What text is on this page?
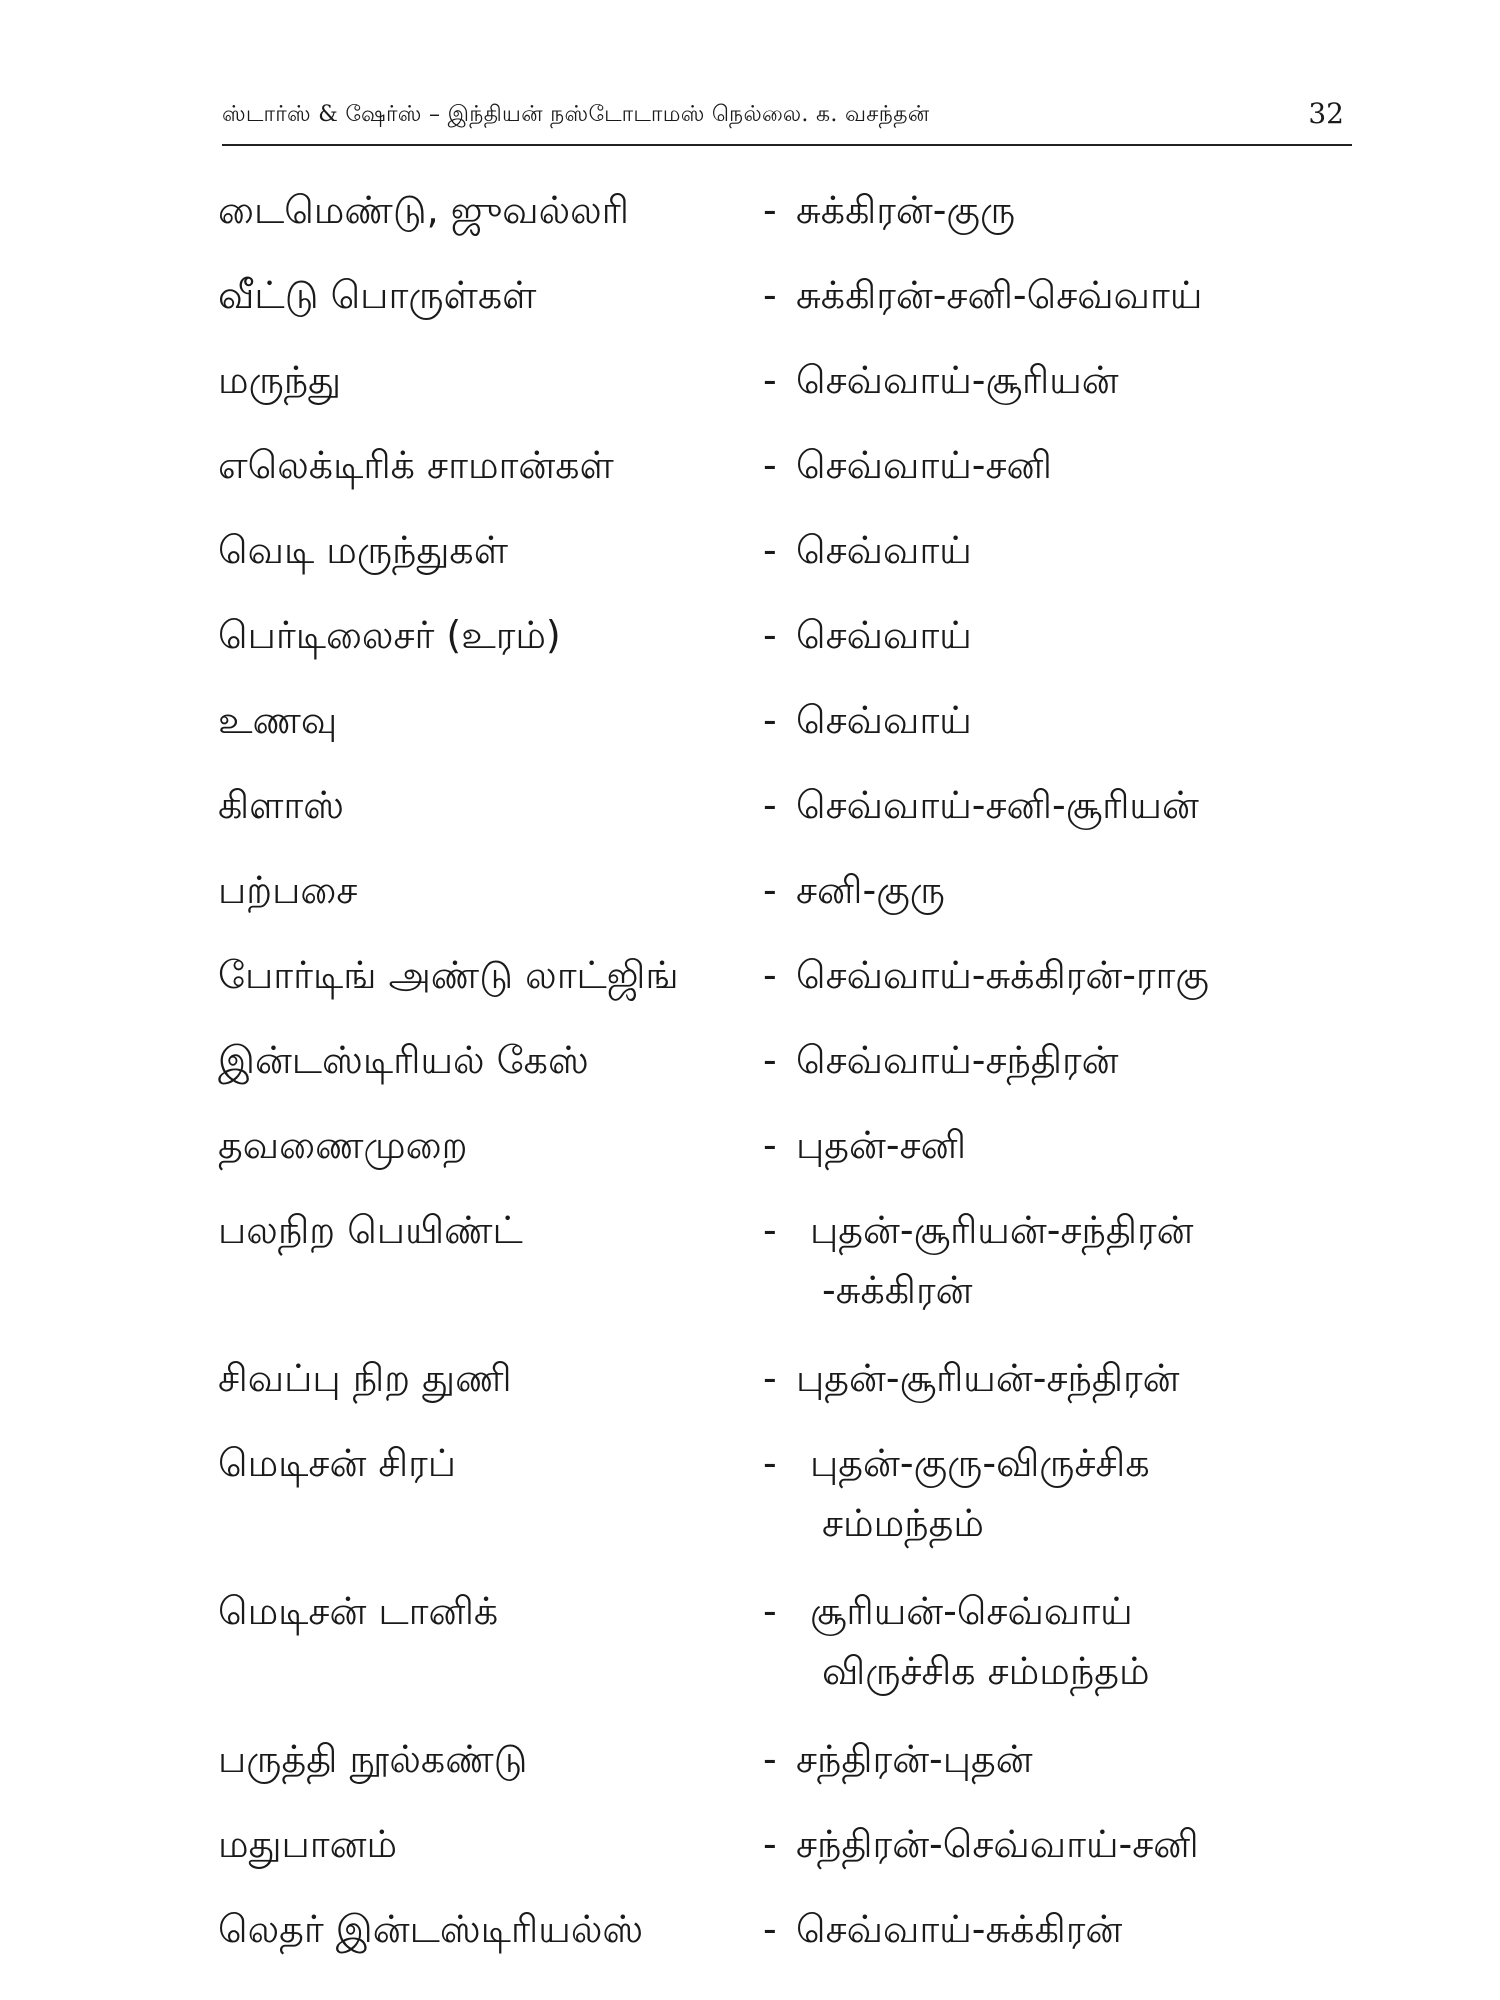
ஸ்டார்ஸ் & ஷேர்ஸ் – இந்தியன் நஸ்டோடாமஸ் நெல்லை. க. வசந்தன்	32
டைமெண்டு, ஜுவல்லரி	- சுக்கிரன்-குரு
வீட்டு பொருள்கள்	- சுக்கிரன்-சனி-செவ்வாய்
மருந்து	- செவ்வாய்-சூரியன்
எலெக்டிரிக் சாமான்கள்	- செவ்வாய்-சனி
வெடி மருந்துகள்	- செவ்வாய்
பெர்டிலைசர் (உரம்)	- செவ்வாய்
உணவு	- செவ்வாய்
கிளாஸ்	- செவ்வாய்-சனி-சூரியன்
பற்பசை	- சனி-குரு
போர்டிங் அண்டு லாட்ஜிங் - செவ்வாய்-சுக்கிரன்-ராகு
இன்டஸ்டிரியல் கேஸ்	- செவ்வாய்-சந்திரன்
தவணைமுறை	- புதன்-சனி
பலநிற பெயிண்ட்	- புதன்-சூரியன்-சந்திரன்
-சுக்கிரன்
சிவப்பு நிற துணி	- புதன்-சூரியன்-சந்திரன்
மெடிசன் சிரப்	- புதன்-குரு-விருச்சிக
சம்மந்தம்
மெடிசன் டானிக்	- சூரியன்-செவ்வாய்
விருச்சிக சம்மந்தம்
பருத்தி நூல்கண்டு	- சந்திரன்-புதன்
மதுபானம்	- சந்திரன்-செவ்வாய்-சனி
லெதர் இன்டஸ்டிரியல்ஸ்	- செவ்வாய்-சுக்கிரன்
